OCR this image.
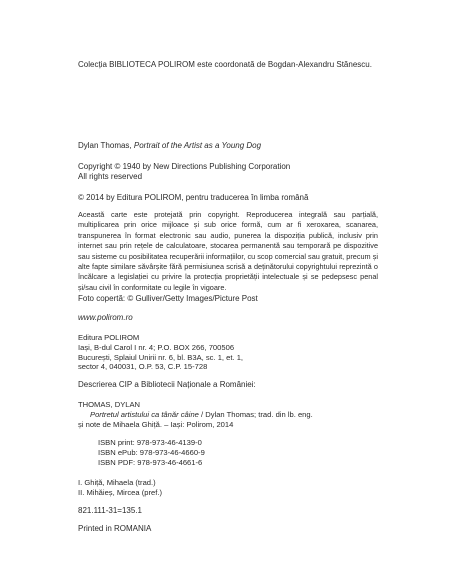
Colecția BIBLIOTECA POLIROM este coordonată de Bogdan-Alexandru Stănescu.

Dylan Thomas, Portrait of the Artist as a Young Dog

Copyright © 1940 by New Directions Publishing Corporation
All rights reserved

© 2014 by Editura POLIROM, pentru traducerea în limba română

Această carte este protejată prin copyright. Reproducerea integrală sau parțială, multiplicarea prin orice mijloace și sub orice formă, cum ar fi xeroxarea, scanarea, transpunerea în format electronic sau audio, punerea la dispoziția publică, inclusiv prin internet sau prin rețele de calculatoare, stocarea permanentă sau temporară pe dispozitive sau sisteme cu posibilitatea recuperării informațiilor, cu scop comercial sau gratuit, precum și alte fapte similare săvârșite fără permisiunea scrisă a deținătorului copyrightului reprezintă o încălcare a legislației cu privire la protecția proprietății intelectuale și se pedepsesc penal și/sau civil în conformitate cu legile în vigoare.

Foto copertă: © Gulliver/Getty Images/Picture Post

www.polirom.ro

Editura POLIROM
Iași, B-dul Carol I nr. 4; P.O. BOX 266, 700506
București, Splaiul Unirii nr. 6, bl. B3A, sc. 1, et. 1,
sector 4, 040031, O.P. 53, C.P. 15-728

Descrierea CIP a Bibliotecii Naționale a României:

THOMAS, DYLAN
Portretul artistului ca tânăr câine / Dylan Thomas; trad. din lb. eng.
și note de Mihaela Ghiță. – Iași: Polirom, 2014
ISBN print: 978-973-46-4139-0
ISBN ePub: 978-973-46-4660-9
ISBN PDF: 978-973-46-4661-6
I. Ghiță, Mihaela (trad.)
II. Mihăieș, Mircea (pref.)

821.111-31=135.1

Printed in ROMANIA
